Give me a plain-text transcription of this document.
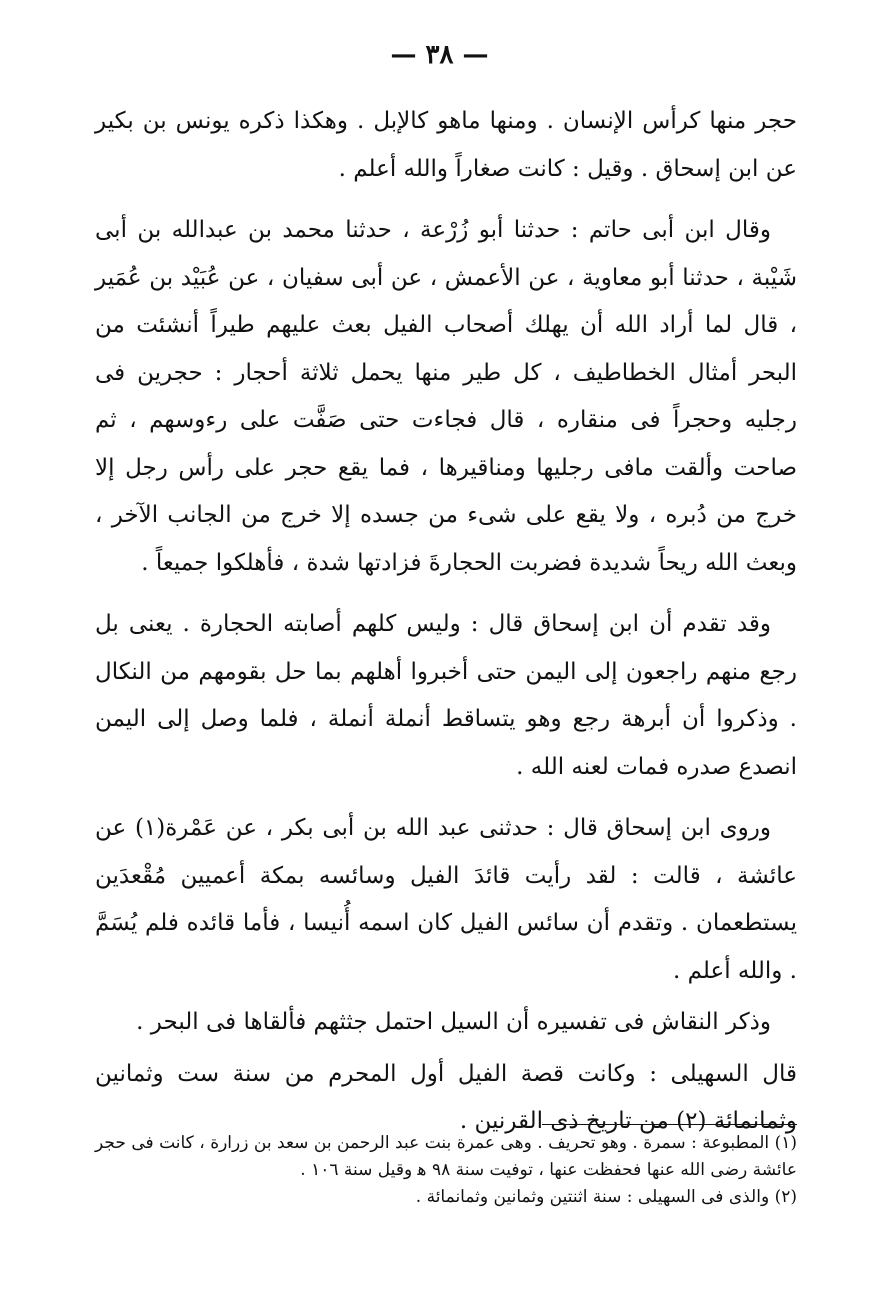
— ٣٨ —

حجر منها كرأس الإنسان . ومنها ماهو كالإبل . وهكذا ذكره يونس بن بكير عن ابن إسحاق . وقيل : كانت صغاراً والله أعلم .

وقال ابن أبى حاتم : حدثنا أبو زُرْعة ، حدثنا محمد بن عبدالله بن أبى شَيْبة ، حدثنا أبو معاوية ، عن الأعمش ، عن أبى سفيان ، عن عُبَيْد بن عُمَير ، قال لما أراد الله أن يهلك أصحاب الفيل بعث عليهم طيراً أنشئت من البحر أمثال الخطاطيف ، كل طير منها يحمل ثلاثة أحجار : حجرين فى رجليه وحجراً فى منقاره ، قال فجاءت حتى صَفَّت على رءوسهم ، ثم صاحت وألقت مافى رجليها ومناقيرها ، فما يقع حجر على رأس رجل إلا خرج من دُبره ، ولا يقع على شىء من جسده إلا خرج من الجانب الآخر ، وبعث الله ريحاً شديدة فضربت الحجارةَ فزادتها شدة ، فأهلكوا جميعاً .

وقد تقدم أن ابن إسحاق قال : وليس كلهم أصابته الحجارة . يعنى بل رجع منهم راجعون إلى اليمن حتى أخبروا أهلهم بما حل بقومهم من النكال . وذكروا أن أبرهة رجع وهو يتساقط أنملة أنملة ، فلما وصل إلى اليمن انصدع صدره فمات لعنه الله .

وروى ابن إسحاق قال : حدثنى عبد الله بن أبى بكر ، عن عَمْرة(١) عن عائشة ، قالت : لقد رأيت قائدَ الفيل وسائسه بمكة أعميين مُقْعدَين يستطعمان . وتقدم أن سائس الفيل كان اسمه أُنيسا ، فأما قائده فلم يُسَمَّ . والله أعلم .

وذكر النقاش فى تفسيره أن السيل احتمل جثثهم فألقاها فى البحر .

قال السهيلى : وكانت قصة الفيل أول المحرم من سنة ست وثمانين وثمانمائة (٢) من تاريخ ذى القرنين .

(١) المطبوعة : سمرة . وهو تحريف . وهى عمرة بنت عبد الرحمن بن سعد بن زرارة ، كانت فى حجر عائشة رضى الله عنها فحفظت عنها ، توفيت سنة ٩٨ ﻫ وقيل سنة ١٠٦ .

(٢) والذى فى السهيلى : سنة اثنتين وثمانين وثمانمائة .
